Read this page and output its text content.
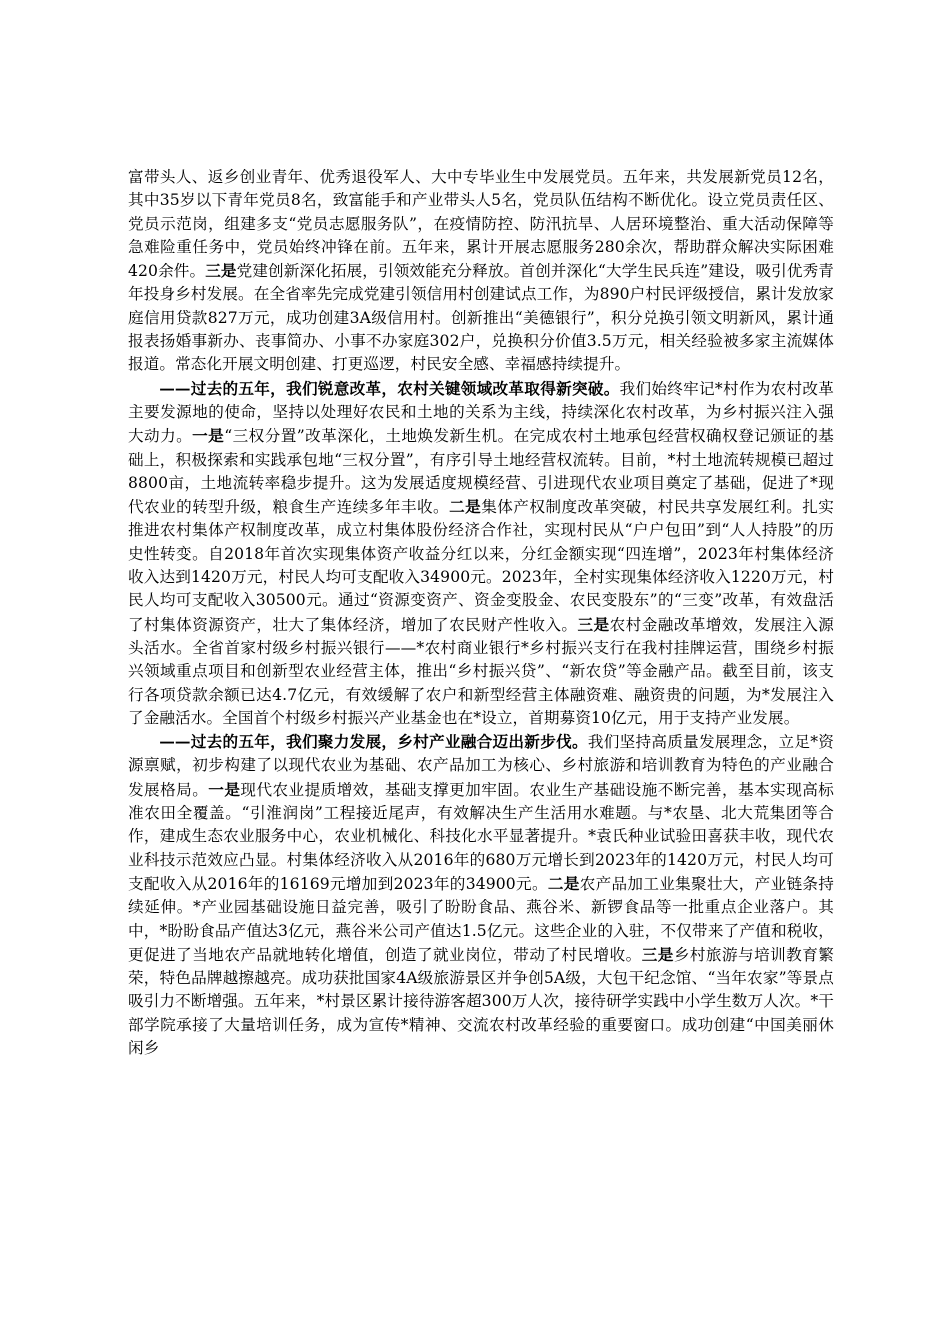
富带头人、返乡创业青年、优秀退役军人、大中专毕业生中发展党员。五年来，共发展新党员12名，其中35岁以下青年党员8名，致富能手和产业带头人5名，党员队伍结构不断优化。设立党员责任区、党员示范岗，组建多支“党员志愿服务队”，在疫情防控、防汛抗旱、人居环境整治、重大活动保障等急难险重任务中，党员始终冲锋在前。五年来，累计开展志愿服务280余次，帮助群众解决实际困难420余件。三是党建创新深化拓展，引领效能充分释放。首创并深化“大学生民兵连”建设，吸引优秀青年投身乡村发展。在全省率先完成党建引领信用村创建试点工作，为890户村民评级授信，累计发放家庭信用贷款827万元，成功创建3A级信用村。创新推出“美德银行”，积分兑换引领文明新风，累计通报表扬婚事新办、丧事简办、小事不办家庭302户，兑换积分价值3.5万元，相关经验被多家主流媒体报道。常态化开展文明创建、打更巡逻，村民安全感、幸福感持续提升。

——过去的五年，我们锐意改革，农村关键领域改革取得新突破。我们始终牢记*村作为农村改革主要发源地的使命，坚持以处理好农民和土地的关系为主线，持续深化农村改革，为乡村振兴注入强大动力。一是“三权分置”改革深化，土地焕发新生机。在完成农村土地承包经营权确权登记颁证的基础上，积极探索和实践承包地“三权分置”，有序引导土地经营权流转。目前，*村土地流转规模已超过8800亩，土地流转率稳步提升。这为发展适度规模经营、引进现代农业项目奠定了基础，促进了*现代农业的转型升级，粮食生产连续多年丰收。二是集体产权制度改革突破，村民共享发展红利。扎实推进农村集体产权制度改革，成立村集体股份经济合作社，实现村民从“户户包田”到“人人持股”的历史性转变。自2018年首次实现集体资产收益分红以来，分红金额实现“四连增”，2023年村集体经济收入达到1420万元，村民人均可支配收入34900元。2023年，全村实现集体经济收入1220万元，村民人均可支配收入30500元。通过“资源变资产、资金变股金、农民变股东”的“三变”改革，有效盘活了村集体资源资产，壮大了集体经济，增加了农民财产性收入。三是农村金融改革增效，发展注入源头活水。全省首家村级乡村振兴银行——*农村商业银行*乡村振兴支行在我村挂牌运营，围绕乡村振兴领域重点项目和创新型农业经营主体，推出“乡村振兴贷”、“新农贷”等金融产品。截至目前，该支行各项贷款余额已达4.7亿元，有效缓解了农户和新型经营主体融资难、融资贵的问题，为*发展注入了金融活水。全国首个村级乡村振兴产业基金也在*设立，首期募资10亿元，用于支持产业发展。

——过去的五年，我们聚力发展，乡村产业融合迈出新步伐。我们坚持高质量发展理念，立足*资源禀赋，初步构建了以现代农业为基础、农产品加工为核心、乡村旅游和培训教育为特色的产业融合发展格局。一是现代农业提质增效，基础支撑更加牢固。农业生产基础设施不断完善，基本实现高标准农田全覆盖。“引淮润岗”工程接近尾声，有效解决生产生活用水难题。与*农垦、北大荒集团等合作，建成生态农业服务中心，农业机械化、科技化水平显著提升。*袁氏种业试验田喜获丰收，现代农业科技示范效应凸显。村集体经济收入从2016年的680万元增长到2023年的1420万元，村民人均可支配收入从2016年的16169元增加到2023年的34900元。二是农产品加工业集聚壮大，产业链条持续延伸。*产业园基础设施日益完善，吸引了盼盼食品、燕谷米、新锣食品等一批重点企业落户。其中，*盼盼食品产值达3亿元，燕谷米公司产值达1.5亿元。这些企业的入驻，不仅带来了产值和税收，更促进了当地农产品就地转化增值，创造了就业岗位，带动了村民增收。三是乡村旅游与培训教育繁荣，特色品牌越擦越亮。成功获批国家4A级旅游景区并争创5A级，大包干纪念馆、“当年农家”等景点吸引力不断增强。五年来，*村景区累计接待游客超300万人次，接待研学实践中小学生数万人次。*干部学院承接了大量培训任务，成为宣传*精神、交流农村改革经验的重要窗口。成功创建“中国美丽休闲乡
